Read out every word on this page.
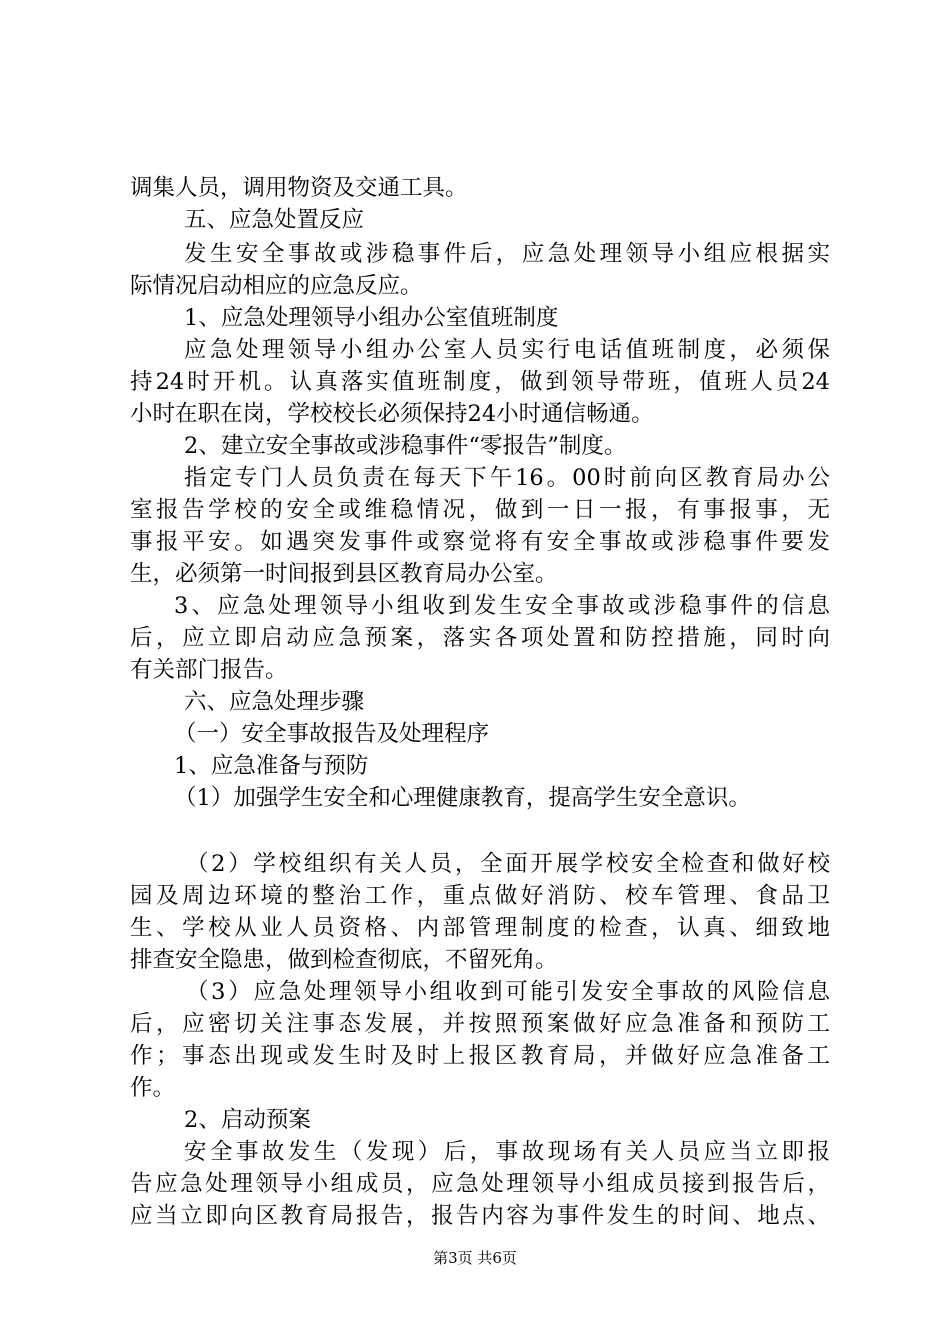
调集人员，调用物资及交通工具。
五、应急处置反应
发生安全事故或涉稳事件后，应急处理领导小组应根据实
际情况启动相应的应急反应。
1、应急处理领导小组办公室值班制度
应急处理领导小组办公室人员实行电话值班制度，必须保
持24时开机。认真落实值班制度，做到领导带班，值班人员24
小时在职在岗，学校校长必须保持24小时通信畅通。
2、建立安全事故或涉稳事件“零报告”制度。
指定专门人员负责在每天下午16。00时前向区教育局办公
室报告学校的安全或维稳情况，做到一日一报，有事报事，无
事报平安。如遇突发事件或察觉将有安全事故或涉稳事件要发
生，必须第一时间报到县区教育局办公室。
3、应急处理领导小组收到发生安全事故或涉稳事件的信息
后，应立即启动应急预案，落实各项处置和防控措施，同时向
有关部门报告。
六、应急处理步骤
（一）安全事故报告及处理程序
1、应急准备与预防
（1）加强学生安全和心理健康教育，提高学生安全意识。
（2）学校组织有关人员，全面开展学校安全检查和做好校
园及周边环境的整治工作，重点做好消防、校车管理、食品卫
生、学校从业人员资格、内部管理制度的检查，认真、细致地
排查安全隐患，做到检查彻底，不留死角。
（3）应急处理领导小组收到可能引发安全事故的风险信息
后，应密切关注事态发展，并按照预案做好应急准备和预防工
作；事态出现或发生时及时上报区教育局，并做好应急准备工
作。
2、启动预案
安全事故发生（发现）后，事故现场有关人员应当立即报
告应急处理领导小组成员，应急处理领导小组成员接到报告后，
应当立即向区教育局报告，报告内容为事件发生的时间、地点、
第3页 共6页
